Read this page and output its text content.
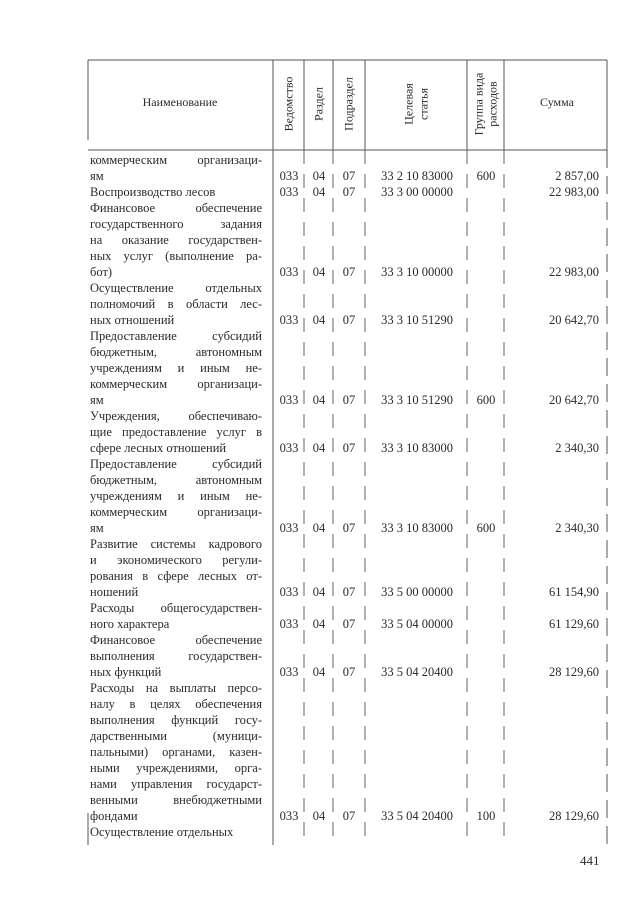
Наименование	Ведомство Раздел Подраздел	Целевая статья	Группа вида расходов	Сумма
коммерческим организаци-
ям	033	04	07	33 2 10 83000	600	2 857,00
Воспроизводство лесов	033	04	07	33 3 00 00000	22 983,00
Финансовое обеспечение
государственного задания
на оказание государствен-
ных услуг (выполнение ра-
бот)	033	04	07	33 3 10 00000	22 983,00
Осуществление отдельных
полномочий в области лес-
ных отношений	033	04	07	33 3 10 51290	20 642,70
Предоставление субсидий
бюджетным, автономным
учреждениям и иным не-
коммерческим организаци-
ям	033	04	07	33 3 10 51290	600	20 642,70
Учреждения, обеспечиваю-
щие предоставление услуг в
сфере лесных отношений	033	04	07	33 3 10 83000	2 340,30
Предоставление субсидий
бюджетным, автономным
учреждениям и иным не-
коммерческим организаци-
ям	033	04	07	33 3 10 83000	600	2 340,30
Развитие системы кадрового
и экономического регули-
рования в сфере лесных от-
ношений	033	04	07	33 5 00 00000	61 154,90
Расходы общегосударствен-
ного характера	033	04	07	33 5 04 00000	61 129,60
Финансовое обеспечение
выполнения государствен-
ных функций	033	04	07	33 5 04 20400	28 129,60
Расходы на выплаты персо-
налу в целях обеспечения
выполнения функций госу-
дарственными (муници-
пальными) органами, казен-
ными учреждениями, орга-
нами управления государст-
венными внебюджетными
фондами	033	04	07	33 5 04 20400	100	28 129,60
Осуществление отдельных
441
